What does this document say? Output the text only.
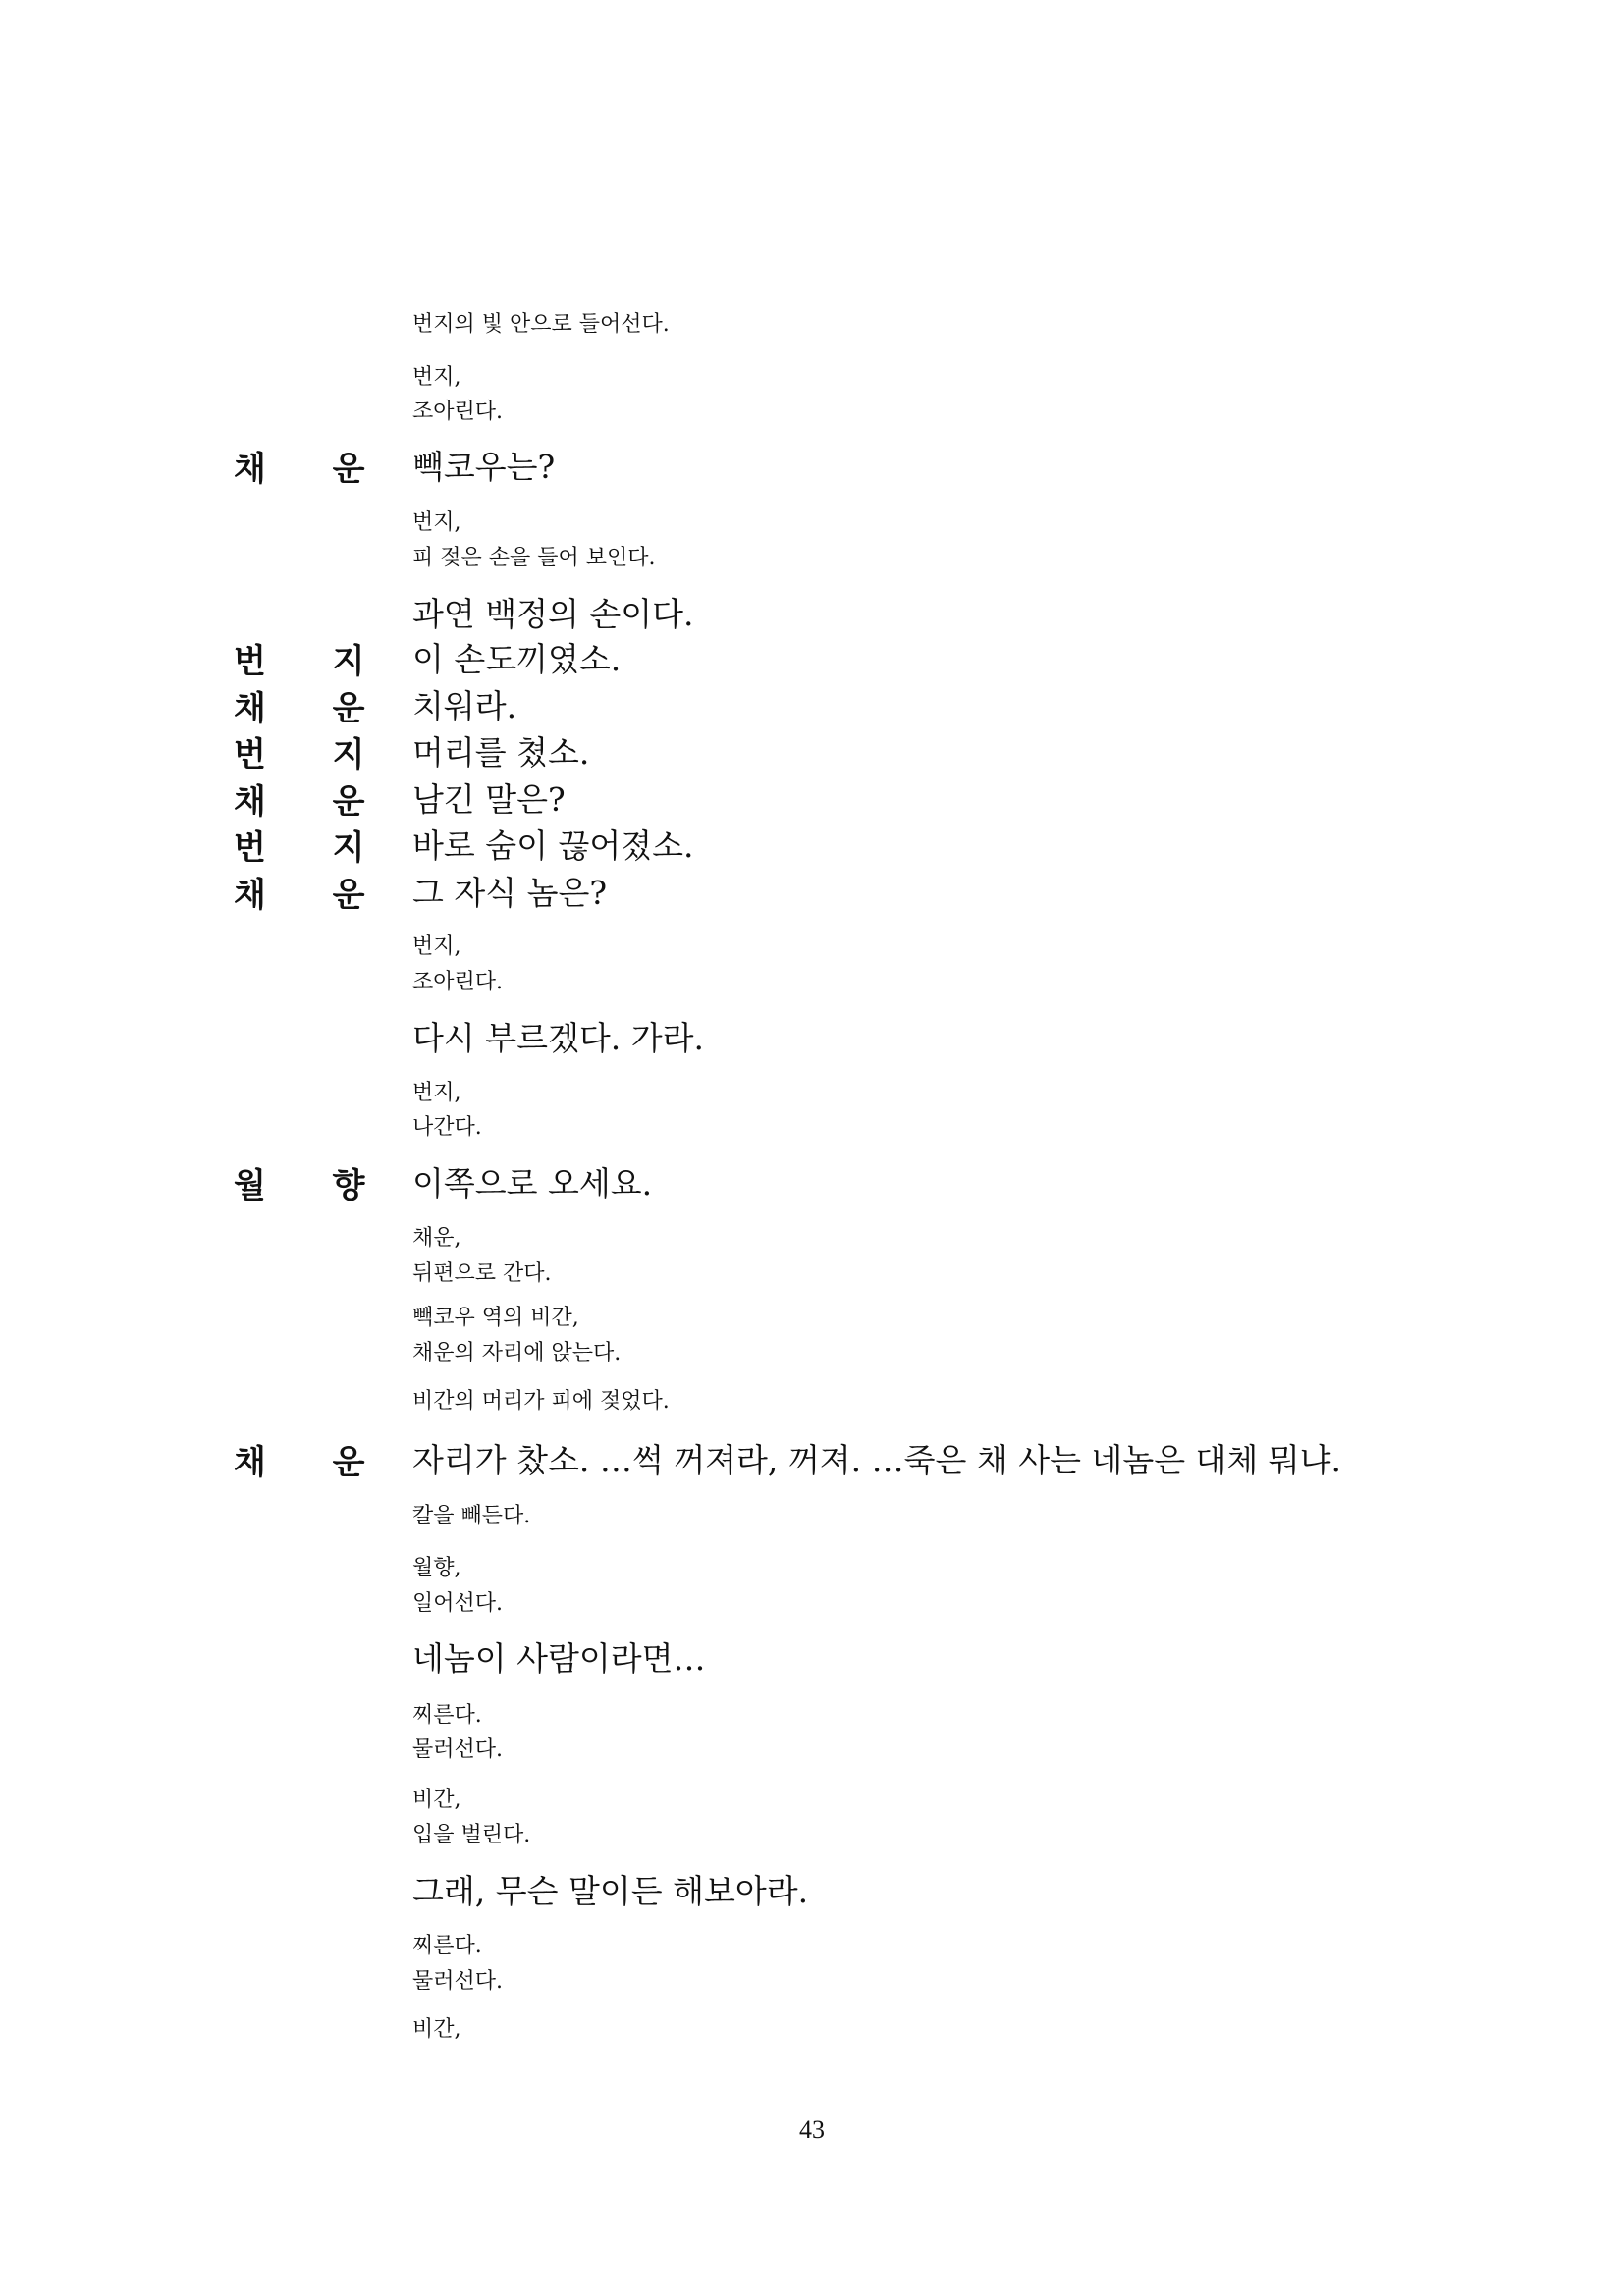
번지의 빛 안으로 들어선다.
번지,
조아린다.
채 운 빽코우는?
번지,
피 젖은 손을 들어 보인다.
과연 백정의 손이다.
번 지 이 손도끼였소.
채 운 치워라.
번 지 머리를 쳤소.
채 운 남긴 말은?
번 지 바로 숨이 끊어졌소.
채 운 그 자식 놈은?
번지,
조아린다.
다시 부르겠다. 가라.
번지,
나간다.
월 향 이쪽으로 오세요.
채운,
뒤편으로 간다.
빽코우 역의 비간,
채운의 자리에 앉는다.
비간의 머리가 피에 젖었다.
채 운 자리가 찼소. …썩 꺼져라, 꺼져. …죽은 채 사는 네놈은 대체 뭐냐.
칼을 빼든다.
월향,
일어선다.
네놈이 사람이라면…
찌른다.
물러선다.
비간,
입을 벌린다.
그래, 무슨 말이든 해보아라.
찌른다.
물러선다.
비간,
43
